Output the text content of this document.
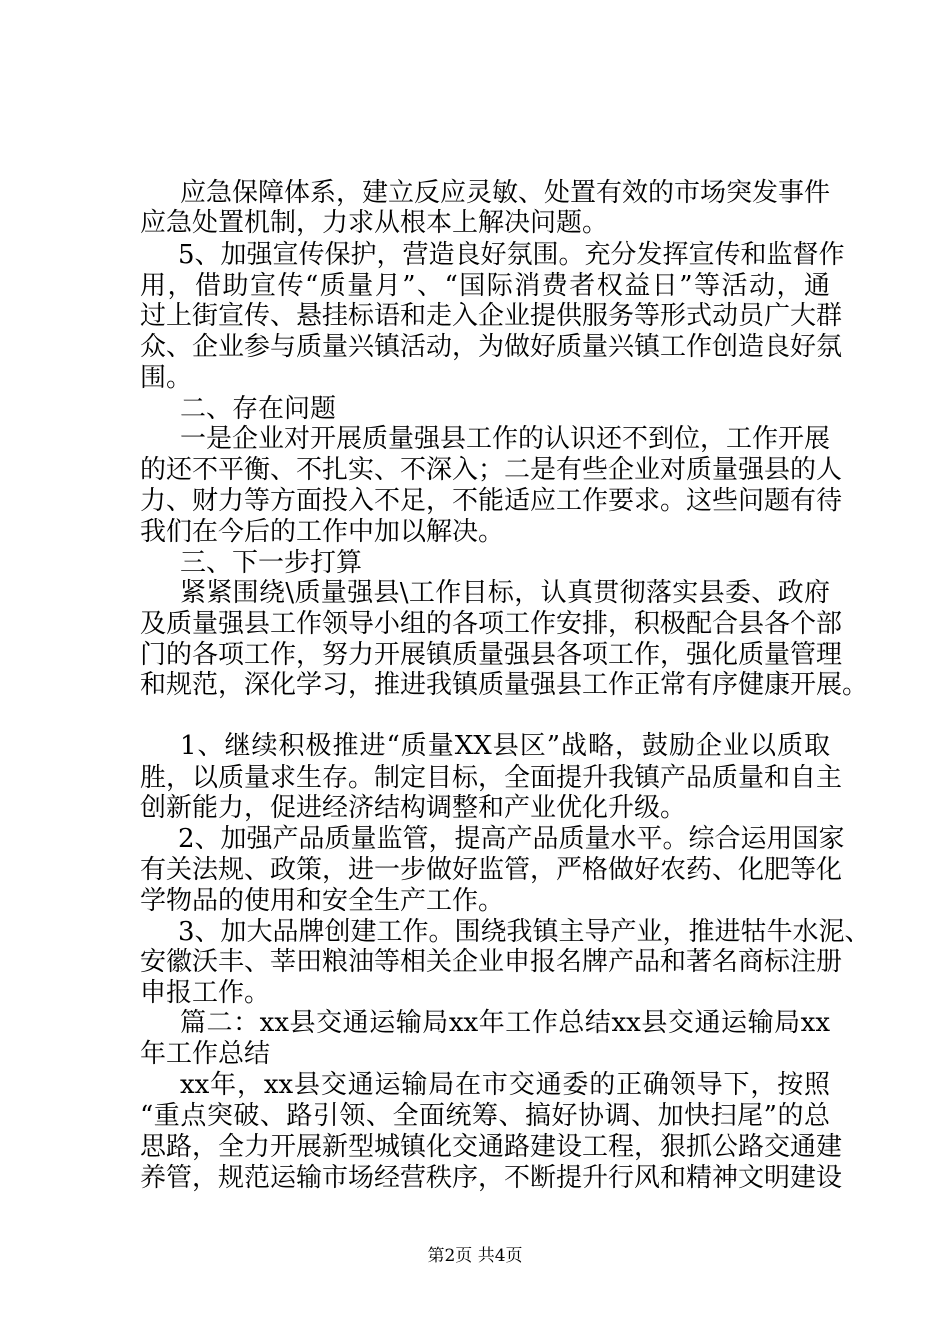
应急保障体系，建立反应灵敏、处置有效的市场突发事件
应急处置机制，力求从根本上解决问题。
5、加强宣传保护，营造良好氛围。充分发挥宣传和监督作
用，借助宣传“质量月”、“国际消费者权益日”等活动，通
过上街宣传、悬挂标语和走入企业提供服务等形式动员广大群
众、企业参与质量兴镇活动，为做好质量兴镇工作创造良好氛
围。
二、存在问题
一是企业对开展质量强县工作的认识还不到位，工作开展
的还不平衡、不扎实、不深入；二是有些企业对质量强县的人
力、财力等方面投入不足，不能适应工作要求。这些问题有待
我们在今后的工作中加以解决。
三、下一步打算
紧紧围绕\质量强县\工作目标，认真贯彻落实县委、政府
及质量强县工作领导小组的各项工作安排，积极配合县各个部
门的各项工作，努力开展镇质量强县各项工作，强化质量管理
和规范，深化学习，推进我镇质量强县工作正常有序健康开展。
1、继续积极推进“质量XX县区”战略，鼓励企业以质取
胜，以质量求生存。制定目标，全面提升我镇产品质量和自主
创新能力，促进经济结构调整和产业优化升级。
2、加强产品质量监管，提高产品质量水平。综合运用国家
有关法规、政策，进一步做好监管，严格做好农药、化肥等化
学物品的使用和安全生产工作。
3、加大品牌创建工作。围绕我镇主导产业，推进牯牛水泥、
安徽沃丰、莘田粮油等相关企业申报名牌产品和著名商标注册
申报工作。
篇二：xx县交通运输局xx年工作总结xx县交通运输局xx
年工作总结
xx年，xx县交通运输局在市交通委的正确领导下，按照
“重点突破、路引领、全面统筹、搞好协调、加快扫尾”的总
思路，全力开展新型城镇化交通路建设工程，狠抓公路交通建
养管，规范运输市场经营秩序，不断提升行风和精神文明建设
第2页 共4页
